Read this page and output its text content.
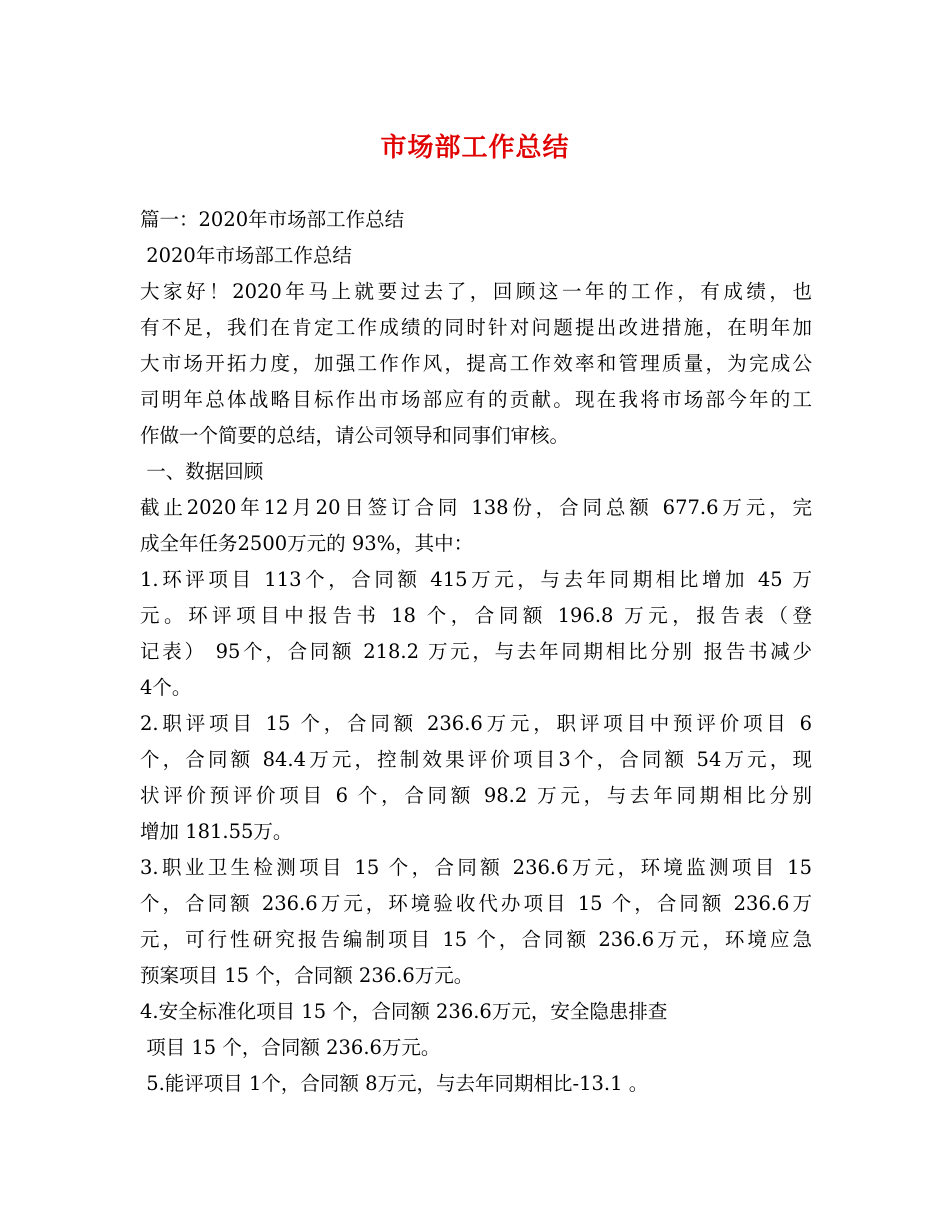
市场部工作总结
篇一：2020年市场部工作总结
2020年市场部工作总结
大家好！2020年马上就要过去了，回顾这一年的工作，有成绩，也
有不足，我们在肯定工作成绩的同时针对问题提出改进措施，在明年加
大市场开拓力度，加强工作作风，提高工作效率和管理质量，为完成公
司明年总体战略目标作出市场部应有的贡献。现在我将市场部今年的工
作做一个简要的总结，请公司领导和同事们审核。
一、数据回顾
截止2020年12月20日签订合同 138份，合同总额 677.6万元，完
成全年任务2500万元的 93%，其中：
1.环评项目 113个，合同额 415万元，与去年同期相比增加 45 万
元。环评项目中报告书 18 个，合同额 196.8 万元，报告表（登
记表） 95个，合同额 218.2 万元，与去年同期相比分别 报告书减少
4个。
2.职评项目 15 个，合同额 236.6万元，职评项目中预评价项目 6
个，合同额 84.4万元，控制效果评价项目3个，合同额 54万元，现
状评价预评价项目 6 个，合同额 98.2 万元，与去年同期相比分别
增加 181.55万。
3.职业卫生检测项目 15 个，合同额 236.6万元，环境监测项目 15
个，合同额 236.6万元，环境验收代办项目 15 个，合同额 236.6万
元，可行性研究报告编制项目 15 个，合同额 236.6万元，环境应急
预案项目 15 个，合同额 236.6万元。
4.安全标准化项目 15 个，合同额 236.6万元，安全隐患排查
项目 15 个，合同额 236.6万元。
5.能评项目 1个，合同额 8万元，与去年同期相比-13.1 。
